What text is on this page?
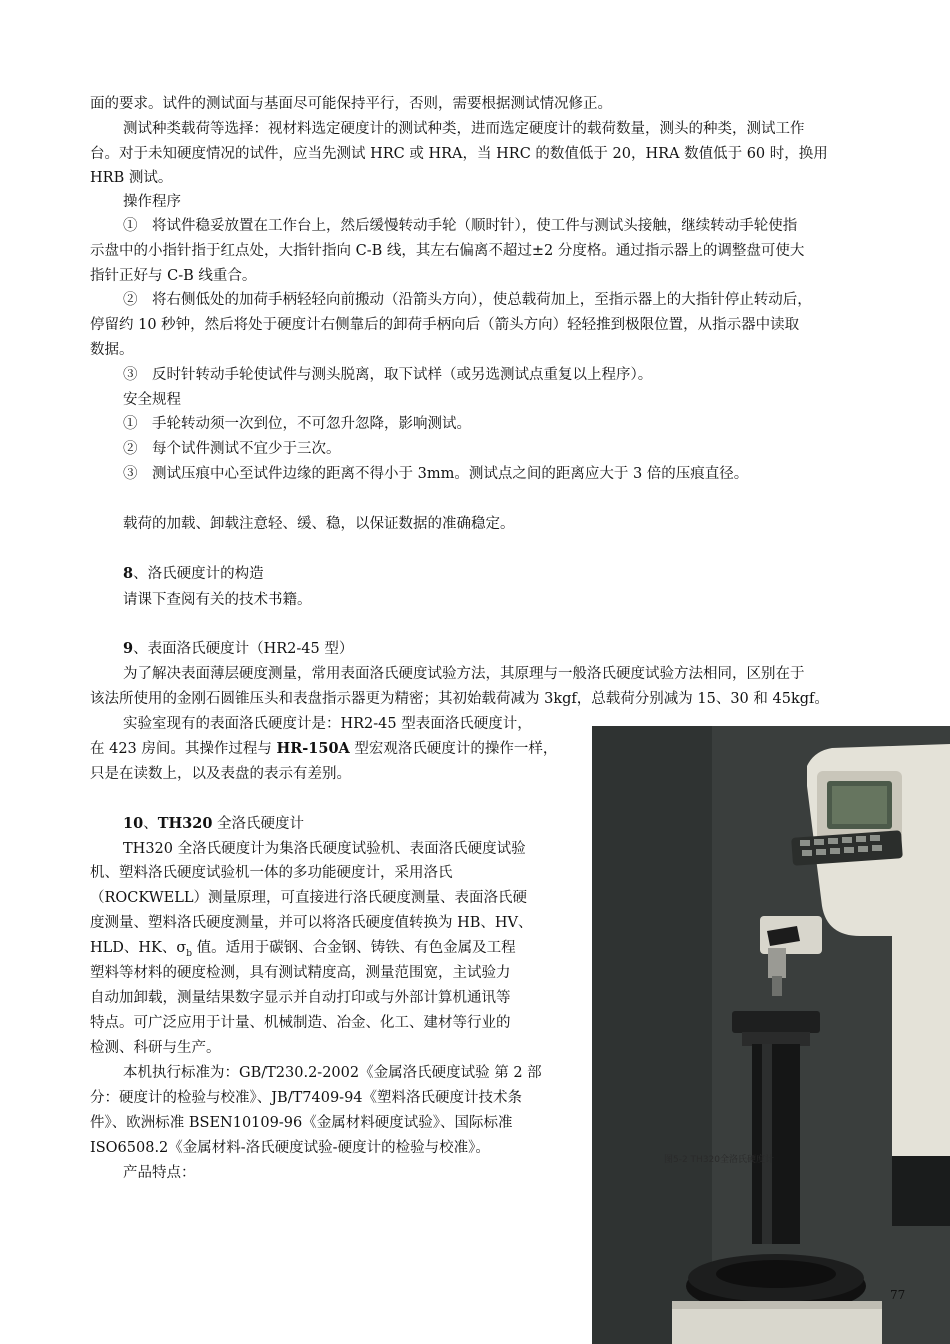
面的要求。试件的测试面与基面尽可能保持平行，否则，需要根据测试情况修正。

测试种类载荷等选择：视材料选定硬度计的测试种类，进而选定硬度计的载荷数量，测头的种类，测试工作

台。对于未知硬度情况的试件，应当先测试 HRC 或 HRA，当 HRC 的数值低于 20，HRA 数值低于 60 时，换用

HRB 测试。

操作程序

①　将试件稳妥放置在工作台上，然后缓慢转动手轮（顺时针），使工件与测试头接触，继续转动手轮使指

示盘中的小指针指于红点处，大指针指向 C-B 线，其左右偏离不超过±2 分度格。通过指示器上的调整盘可使大

指针正好与 C-B 线重合。

②　将右侧低处的加荷手柄轻轻向前搬动（沿箭头方向），使总载荷加上，至指示器上的大指针停止转动后，

停留约 10 秒钟，然后将处于硬度计右侧靠后的卸荷手柄向后（箭头方向）轻轻推到极限位置，从指示器中读取

数据。

③　反时针转动手轮使试件与测头脱离，取下试样（或另选测试点重复以上程序）。

安全规程

①　手轮转动须一次到位，不可忽升忽降，影响测试。

②　每个试件测试不宜少于三次。

③　测试压痕中心至试件边缘的距离不得小于 3mm。测试点之间的距离应大于 3 倍的压痕直径。

载荷的加载、卸载注意轻、缓、稳，以保证数据的准确稳定。

8、洛氏硬度计的构造

请课下查阅有关的技术书籍。

9、表面洛氏硬度计（HR2-45 型）

为了解决表面薄层硬度测量，常用表面洛氏硬度试验方法，其原理与一般洛氏硬度试验方法相同，区别在于

该法所使用的金刚石圆锥压头和表盘指示器更为精密；其初始载荷减为 3kgf，总载荷分别减为 15、30 和 45kgf。

实验室现有的表面洛氏硬度计是：HR2-45 型表面洛氏硬度计，

在 423 房间。其操作过程与 HR-150A 型宏观洛氏硬度计的操作一样，

只是在读数上，以及表盘的表示有差别。

10、TH320 全洛氏硬度计

TH320 全洛氏硬度计为集洛氏硬度试验机、表面洛氏硬度试验

机、塑料洛氏硬度试验机一体的多功能硬度计，采用洛氏

（ROCKWELL）测量原理，可直接进行洛氏硬度测量、表面洛氏硬

度测量、塑料洛氏硬度测量，并可以将洛氏硬度值转换为 HB、HV、

HLD、HK、$\sigma_b$ 值。适用于碳钢、合金钢、铸铁、有色金属及工程

塑料等材料的硬度检测，具有测试精度高，测量范围宽，主试验力

自动加卸载，测量结果数字显示并自动打印或与外部计算机通讯等

特点。可广泛应用于计量、机械制造、冶金、化工、建材等行业的

检测、科研与生产。

本机执行标准为：GB/T230.2-2002《金属洛氏硬度试验 第 2 部

分：硬度计的检验与校准》、JB/T7409-94《塑料洛氏硬度计技术条

件》、欧洲标准 BSEN10109-96《金属材料硬度试验》、国际标准

ISO6508.2《金属材料-洛氏硬度试验-硬度计的检验与校准》。

产品特点：

图5-2 TH320全洛氏硬度计
77
